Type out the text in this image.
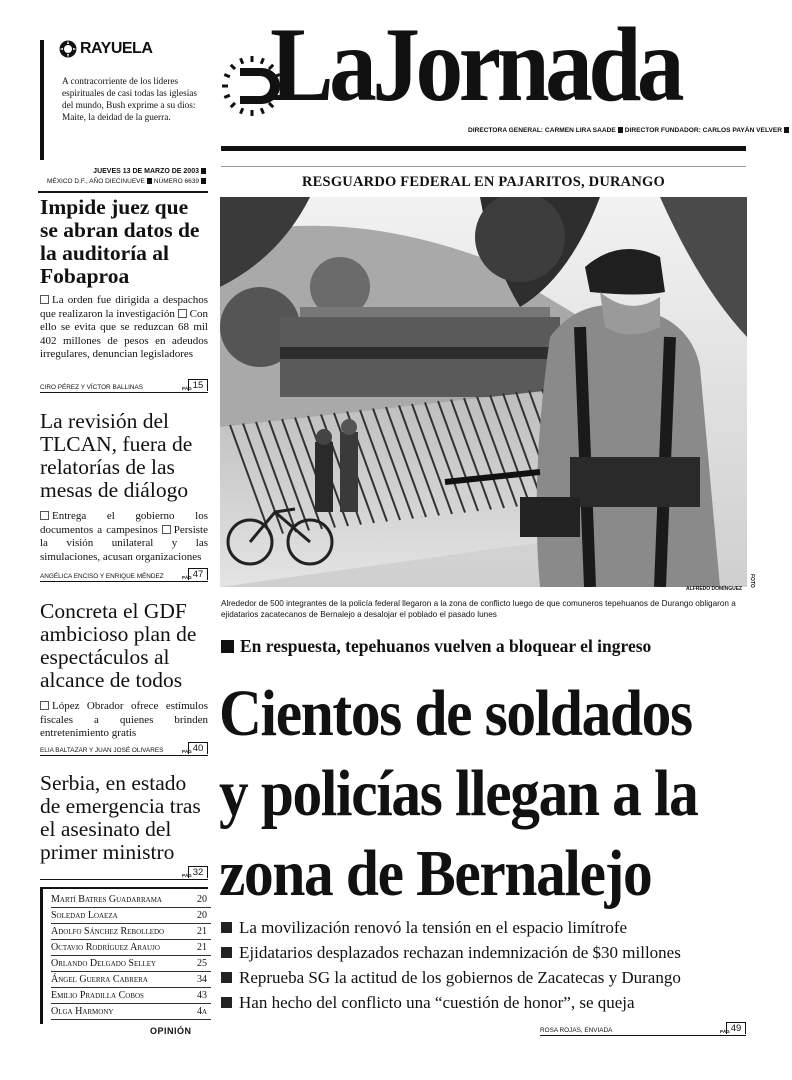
RAYUELA
A contracorriente de los líderes espirituales de casi todas las iglesias del mundo, Bush exprime a su dios: Maite, la deidad de la guerra. LaJornada
DIRECTORA GENERAL: CARMEN LIRA SAADE DIRECTOR FUNDADOR: CARLOS PAYÁN VELVER
JUEVES 13 DE MARZO DE 2003
MÉXICO D.F., AÑO DIECINUEVE NÚMERO 6639
Impide juez que se abran datos de la auditoría al Fobaproa
La orden fue dirigida a despachos que realizaron la investigación Con ello se evita que se reduzcan 68 mil 402 millones de pesos en adeudos irregulares, denuncian legisladores
CIRO PÉREZ Y VÍCTOR BALLINAS	PÁG 15
La revisión del TLCAN, fuera de relatorías de las mesas de diálogo
Entrega el gobierno los documentos a campesinos Persiste la visión unilateral y las simulaciones, acusan organizaciones
ANGÉLICA ENCISO Y ENRIQUE MÉNDEZ	PÁG 47
Concreta el GDF ambicioso plan de espectáculos al alcance de todos
López Obrador ofrece estímulos fiscales a quienes brinden entretenimiento gratis
ELIA BALTAZAR Y JUAN JOSÉ OLIVARES	PÁG 40
Serbia, en estado de emergencia tras el asesinato del primer ministro
PÁG 32
Martí Batres Guadarrama	20
Soledad Loaeza	20
Adolfo Sánchez Rebolledo	21
Octavio Rodríguez Araujo	21
Orlando Delgado Selley	25
Ángel Guerra Cabrera	34
Emilio Pradilla Cobos	43
Olga Harmony	4a
OPINIÓN
RESGUARDO FEDERAL EN PAJARITOS, DURANGO
ALFREDO DOMÍNGUEZ
FOTO
Alrededor de 500 integrantes de la policía federal llegaron a la zona de conflicto luego de que comuneros tepehuanos de Durango obligaron a ejidatarios zacatecanos de Bernalejo a desalojar el poblado el pasado lunes
En respuesta, tepehuanos vuelven a bloquear el ingreso
Cientos de soldados
y policías llegan a la
zona de Bernalejo
La movilización renovó la tensión en el espacio limítrofe
Ejidatarios desplazados rechazan indemnización de $30 millones
Reprueba SG la actitud de los gobiernos de Zacatecas y Durango
Han hecho del conflicto una “cuestión de honor”, se queja
ROSA ROJAS, ENVIADA	PÁG 49
